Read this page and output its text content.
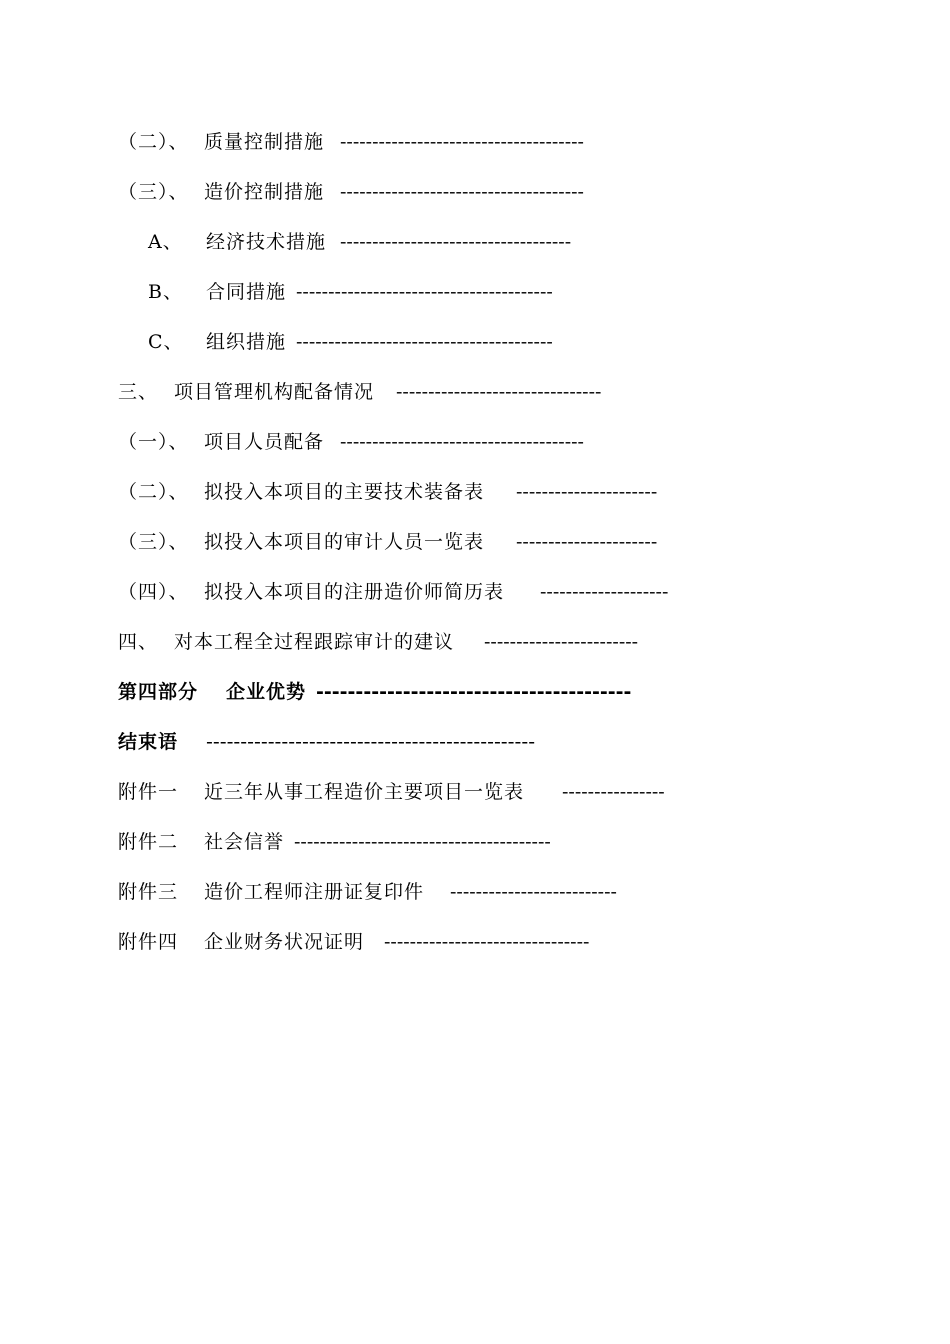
（二）、 质量控制措施 --------------------------------------
（三）、 造价控制措施 --------------------------------------
A、 经济技术措施 ------------------------------------
B、 合同措施 ----------------------------------------
C、 组织措施 ----------------------------------------
三、 项目管理机构配备情况 --------------------------------
（一）、 项目人员配备 --------------------------------------
（二）、 拟投入本项目的主要技术装备表 ----------------------
（三）、 拟投入本项目的审计人员一览表 ----------------------
（四）、 拟投入本项目的注册造价师简历表 --------------------
四、 对本工程全过程跟踪审计的建议 ------------------------
第四部分 企业优势 ----------------------------------------
结束语 ------------------------------------------------
附件一 近三年从事工程造价主要项目一览表 ----------------
附件二 社会信誉 ----------------------------------------
附件三 造价工程师注册证复印件 --------------------------
附件四 企业财务状况证明 --------------------------------
